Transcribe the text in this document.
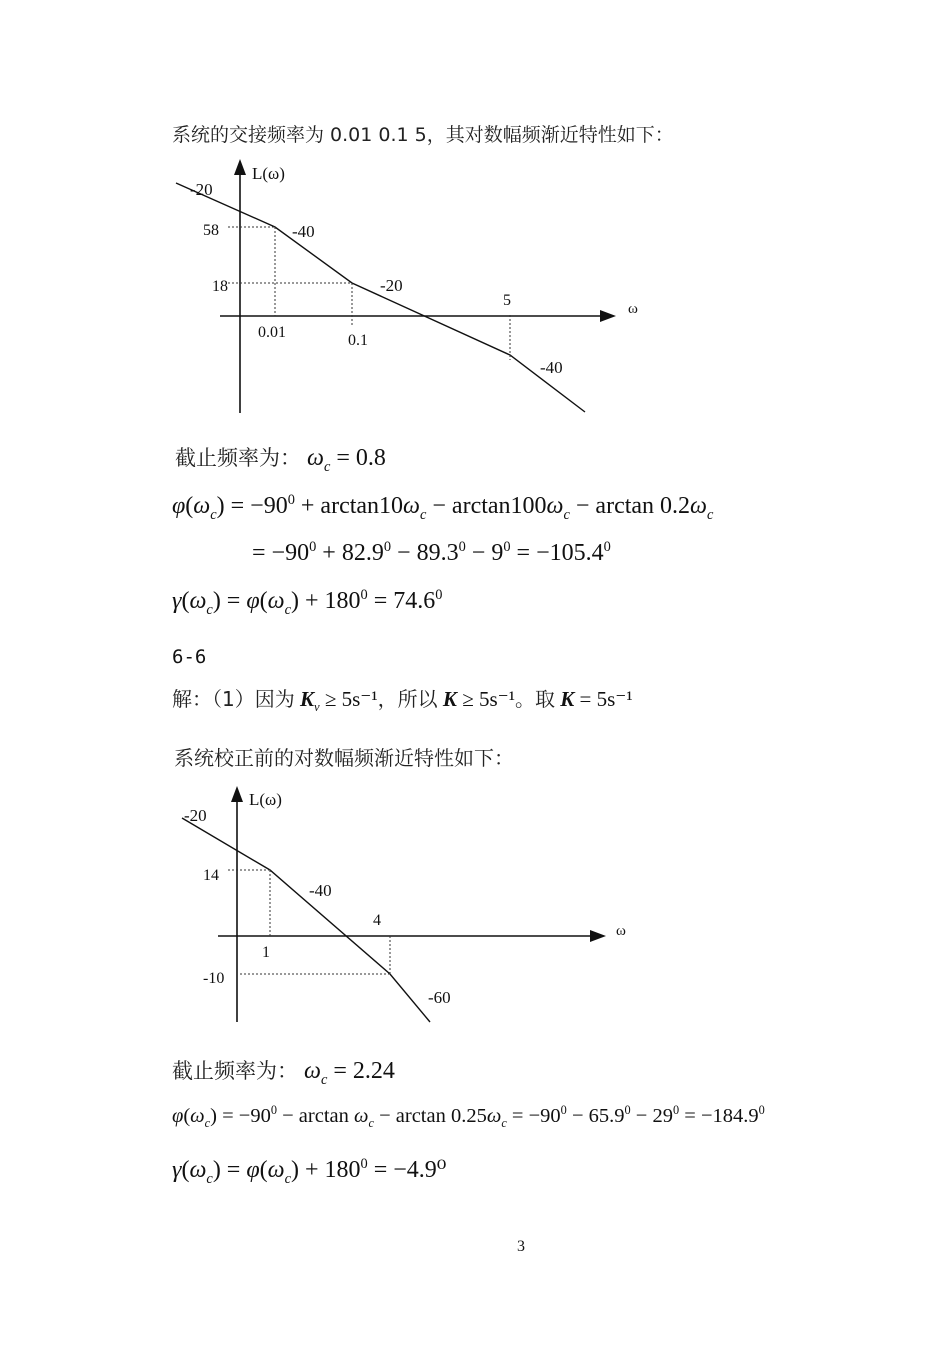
系统的交接频率为 0.01 0.1 5，其对数幅频渐近特性如下：
L(ω)
ω
58
18
0.01	0.1
5
-20
-40
-20
-40
截止频率为： $\omega_c = 0.8$
$\varphi(\omega_c) = -90^0 + \arctan 10\omega_c - \arctan 100\omega_c - \arctan 0.2\omega_c$
= $-90^0 + 82.9^0 - 89.3^0 - 9^0 = -105.4^0$
$\gamma(\omega_c) = \varphi(\omega_c) + 180^0 = 74.6^0$
6-6
解：（1）因为 $K_v \ge 5s^{-1}$，所以 K ≥ 5s⁻¹。取 K = 5s⁻¹
系统校正前的对数幅频渐近特性如下：
L(ω)
ω
14
-10
1
4
-20
-40
-60
截止频率为： $\omega_c = 2.24$
$\varphi(\omega_c) = -90^0 - \arctan \omega_c - \arctan 0.25\omega_c = -90^0 - 65.9^0 - 29^0 = -184.9^0$
$\gamma(\omega_c) = \varphi(\omega_c) + 180^0 = -4.9^0$
3
